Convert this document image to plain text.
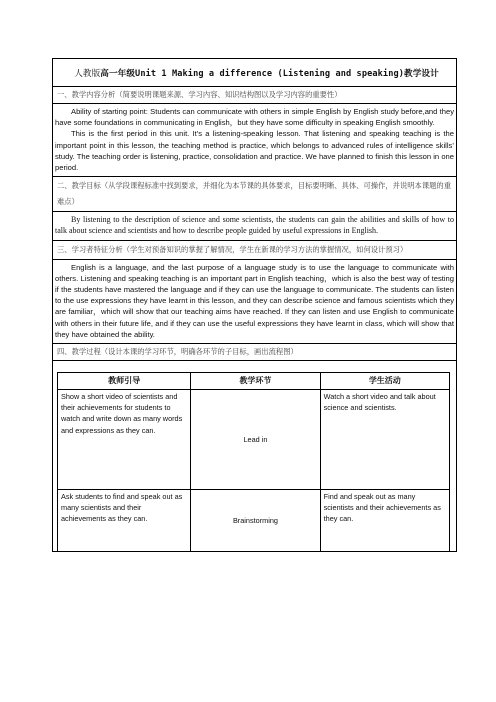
人教版 高一年级Unit 1 Making a difference (Listening and speaking)教学设计
一、教学内容分析（简要说明课题来源、学习内容、知识结构图以及学习内容的重要性）

Ability of starting point: Students can communicate with others in simple English by English study before,and they have some foundations in communicating in English，but they have some difficulty in speaking English smoothly.

This is the first period in this unit. It’s a listening-speaking lesson. That listening and speaking teaching is the important point in this lesson, the teaching method is practice, which belongs to advanced rules of intelligence skills’ study. The teaching order is listening, practice, consolidation and practice. We have planned to finish this lesson in one period.

二、教学目标（从学段课程标准中找到要求，并细化为本节课的具体要求，目标要明晰、具体、可操作，并说明本课题的重难点）

By listening to the description of science and some scientists, the students can gain the abilities and skills of how to talk about science and scientists and how to describe people guided by useful expressions in English.

三、学习者特征分析（学生对预备知识的掌握了解情况，学生在新课的学习方法的掌握情况，如何设计预习）

English is a language, and the last purpose of a language study is to use the language to communicate with others. Listening and speaking teaching is an important part in English teaching，which is also the best way of testing if the students have mastered the language and if they can use the language to communicate. The students can listen to the use expressions they have learnt in this lesson, and they can describe science and famous scientists which they are familiar，which will show that our teaching aims have reached. If they can listen and use English to communicate with others in their future life, and if they can use the useful expressions they have learnt in class, which will show that they have obtained the ability.

四、教学过程（设计本课的学习环节，明确各环节的子目标，画出流程图）
教师引导	教学环节	学生活动
Show a short video of scientists and their achievements for students to watch and write down as many words and expressions as they can.	Lead in	Watch a short video and talk about science and scientists.
Ask students to find and speak out as many scientists and their achievements as they can.	Brainstorming	Find and speak out as many scientists and their achievements as they can.
